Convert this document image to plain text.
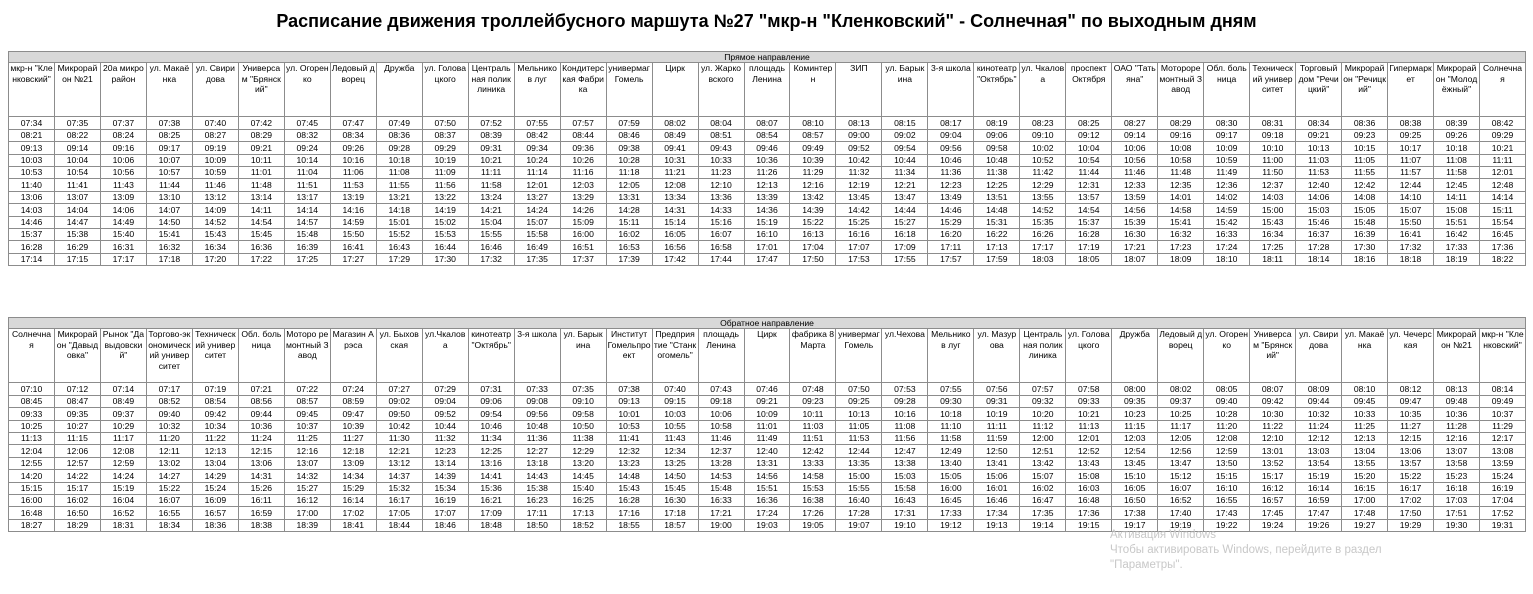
Расписание движения троллейбусного маршута №27 "мкр-н "Кленковский" - Солнечная" по выходным дням
Прямое направление																																
мкр-н "Кленковский"	Микрорайон №21	20а микрорайон	ул. Макаёнка	ул. Свиридова	Универсам "Брянский"	ул. Огоренко	Ледовый дворец	Дружба	ул. Головацкого	Центральная поликлиника	Мельников луг	Кондитерская Фабрика	универмаг Гомель	Цирк	ул. Жарковского	площадь Ленина	Коминтерн	ЗИП	ул. Барыкина	3-я школа	кинотеатр "Октябрь"	ул. Чкалова	проспект Октября	ОАО "Татьяна"	Мотороремонтный Завод	Обл. больница	Технический университет	Торговый дом "Речицкий"	Микрорайон "Речицкий"	Гипермаркет	Микрорайон "Молодёжный"	Солнечная
07:34	07:35	07:37	07:38	07:40	07:42	07:45	07:47	07:49	07:50	07:52	07:55	07:57	07:59	08:02	08:04	08:07	08:10	08:13	08:15	08:17	08:19	08:23	08:25	08:27	08:29	08:30	08:31	08:34	08:36	08:38	08:39	08:42
08:21	08:22	08:24	08:25	08:27	08:29	08:32	08:34	08:36	08:37	08:39	08:42	08:44	08:46	08:49	08:51	08:54	08:57	09:00	09:02	09:04	09:06	09:10	09:12	09:14	09:16	09:17	09:18	09:21	09:23	09:25	09:26	09:29
09:13	09:14	09:16	09:17	09:19	09:21	09:24	09:26	09:28	09:29	09:31	09:34	09:36	09:38	09:41	09:43	09:46	09:49	09:52	09:54	09:56	09:58	10:02	10:04	10:06	10:08	10:09	10:10	10:13	10:15	10:17	10:18	10:21
10:03	10:04	10:06	10:07	10:09	10:11	10:14	10:16	10:18	10:19	10:21	10:24	10:26	10:28	10:31	10:33	10:36	10:39	10:42	10:44	10:46	10:48	10:52	10:54	10:56	10:58	10:59	11:00	11:03	11:05	11:07	11:08	11:11
10:53	10:54	10:56	10:57	10:59	11:01	11:04	11:06	11:08	11:09	11:11	11:14	11:16	11:18	11:21	11:23	11:26	11:29	11:32	11:34	11:36	11:38	11:42	11:44	11:46	11:48	11:49	11:50	11:53	11:55	11:57	11:58	12:01
11:40	11:41	11:43	11:44	11:46	11:48	11:51	11:53	11:55	11:56	11:58	12:01	12:03	12:05	12:08	12:10	12:13	12:16	12:19	12:21	12:23	12:25	12:29	12:31	12:33	12:35	12:36	12:37	12:40	12:42	12:44	12:45	12:48
13:06	13:07	13:09	13:10	13:12	13:14	13:17	13:19	13:21	13:22	13:24	13:27	13:29	13:31	13:34	13:36	13:39	13:42	13:45	13:47	13:49	13:51	13:55	13:57	13:59	14:01	14:02	14:03	14:06	14:08	14:10	14:11	14:14
14:03	14:04	14:06	14:07	14:09	14:11	14:14	14:16	14:18	14:19	14:21	14:24	14:26	14:28	14:31	14:33	14:36	14:39	14:42	14:44	14:46	14:48	14:52	14:54	14:56	14:58	14:59	15:00	15:03	15:05	15:07	15:08	15:11
14:46	14:47	14:49	14:50	14:52	14:54	14:57	14:59	15:01	15:02	15:04	15:07	15:09	15:11	15:14	15:16	15:19	15:22	15:25	15:27	15:29	15:31	15:35	15:37	15:39	15:41	15:42	15:43	15:46	15:48	15:50	15:51	15:54
15:37	15:38	15:40	15:41	15:43	15:45	15:48	15:50	15:52	15:53	15:55	15:58	16:00	16:02	16:05	16:07	16:10	16:13	16:16	16:18	16:20	16:22	16:26	16:28	16:30	16:32	16:33	16:34	16:37	16:39	16:41	16:42	16:45
16:28	16:29	16:31	16:32	16:34	16:36	16:39	16:41	16:43	16:44	16:46	16:49	16:51	16:53	16:56	16:58	17:01	17:04	17:07	17:09	17:11	17:13	17:17	17:19	17:21	17:23	17:24	17:25	17:28	17:30	17:32	17:33	17:36
17:14	17:15	17:17	17:18	17:20	17:22	17:25	17:27	17:29	17:30	17:32	17:35	17:37	17:39	17:42	17:44	17:47	17:50	17:53	17:55	17:57	17:59	18:03	18:05	18:07	18:09	18:10	18:11	18:14	18:16	18:18	18:19	18:22
Обратное направление																																
Солнечная	Микрорайон "Давыдовка"	Рынок "Давыдовский"	Торгово-экономический университет	Технический университет	Обл. больница	Моторо ремонтный Завод	Магазин Арэса	ул. Быховская	ул.Чкалова	кинотеатр "Октябрь"	3-я школа	ул. Барыкина	Институт Гомельпроект	Предприятие "Станкогомель"	площадь Ленина	Цирк	фабрика 8 Марта	универмаг Гомель	ул.Чехова	Мельников луг	ул. Мазурова	Центральная поликлиника	ул. Головацкого	Дружба	Ледовый дворец	ул. Огоренко	Универсам "Брянский"	ул. Свиридова	ул. Макаёнка	ул. Чечерская	Микрорайон №21	мкр-н "Кленковский"
07:10	07:12	07:14	07:17	07:19	07:21	07:22	07:24	07:27	07:29	07:31	07:33	07:35	07:38	07:40	07:43	07:46	07:48	07:50	07:53	07:55	07:56	07:57	07:58	08:00	08:02	08:05	08:07	08:09	08:10	08:12	08:13	08:14
08:45	08:47	08:49	08:52	08:54	08:56	08:57	08:59	09:02	09:04	09:06	09:08	09:10	09:13	09:15	09:18	09:21	09:23	09:25	09:28	09:30	09:31	09:32	09:33	09:35	09:37	09:40	09:42	09:44	09:45	09:47	09:48	09:49
09:33	09:35	09:37	09:40	09:42	09:44	09:45	09:47	09:50	09:52	09:54	09:56	09:58	10:01	10:03	10:06	10:09	10:11	10:13	10:16	10:18	10:19	10:20	10:21	10:23	10:25	10:28	10:30	10:32	10:33	10:35	10:36	10:37
10:25	10:27	10:29	10:32	10:34	10:36	10:37	10:39	10:42	10:44	10:46	10:48	10:50	10:53	10:55	10:58	11:01	11:03	11:05	11:08	11:10	11:11	11:12	11:13	11:15	11:17	11:20	11:22	11:24	11:25	11:27	11:28	11:29
11:13	11:15	11:17	11:20	11:22	11:24	11:25	11:27	11:30	11:32	11:34	11:36	11:38	11:41	11:43	11:46	11:49	11:51	11:53	11:56	11:58	11:59	12:00	12:01	12:03	12:05	12:08	12:10	12:12	12:13	12:15	12:16	12:17
12:04	12:06	12:08	12:11	12:13	12:15	12:16	12:18	12:21	12:23	12:25	12:27	12:29	12:32	12:34	12:37	12:40	12:42	12:44	12:47	12:49	12:50	12:51	12:52	12:54	12:56	12:59	13:01	13:03	13:04	13:06	13:07	13:08
12:55	12:57	12:59	13:02	13:04	13:06	13:07	13:09	13:12	13:14	13:16	13:18	13:20	13:23	13:25	13:28	13:31	13:33	13:35	13:38	13:40	13:41	13:42	13:43	13:45	13:47	13:50	13:52	13:54	13:55	13:57	13:58	13:59
14:20	14:22	14:24	14:27	14:29	14:31	14:32	14:34	14:37	14:39	14:41	14:43	14:45	14:48	14:50	14:53	14:56	14:58	15:00	15:03	15:05	15:06	15:07	15:08	15:10	15:12	15:15	15:17	15:19	15:20	15:22	15:23	15:24
15:15	15:17	15:19	15:22	15:24	15:26	15:27	15:29	15:32	15:34	15:36	15:38	15:40	15:43	15:45	15:48	15:51	15:53	15:55	15:58	16:00	16:01	16:02	16:03	16:05	16:07	16:10	16:12	16:14	16:15	16:17	16:18	16:19
16:00	16:02	16:04	16:07	16:09	16:11	16:12	16:14	16:17	16:19	16:21	16:23	16:25	16:28	16:30	16:33	16:36	16:38	16:40	16:43	16:45	16:46	16:47	16:48	16:50	16:52	16:55	16:57	16:59	17:00	17:02	17:03	17:04
16:48	16:50	16:52	16:55	16:57	16:59	17:00	17:02	17:05	17:07	17:09	17:11	17:13	17:16	17:18	17:21	17:24	17:26	17:28	17:31	17:33	17:34	17:35	17:36	17:38	17:40	17:43	17:45	17:47	17:48	17:50	17:51	17:52
18:27	18:29	18:31	18:34	18:36	18:38	18:39	18:41	18:44	18:46	18:48	18:50	18:52	18:55	18:57	19:00	19:03	19:05	19:07	19:10	19:12	19:13	19:14	19:15	19:17	19:19	19:22	19:24	19:26	19:27	19:29	19:30	19:31
Активация Windows
Чтобы активировать Windows, перейдите в раздел
"Параметры".
